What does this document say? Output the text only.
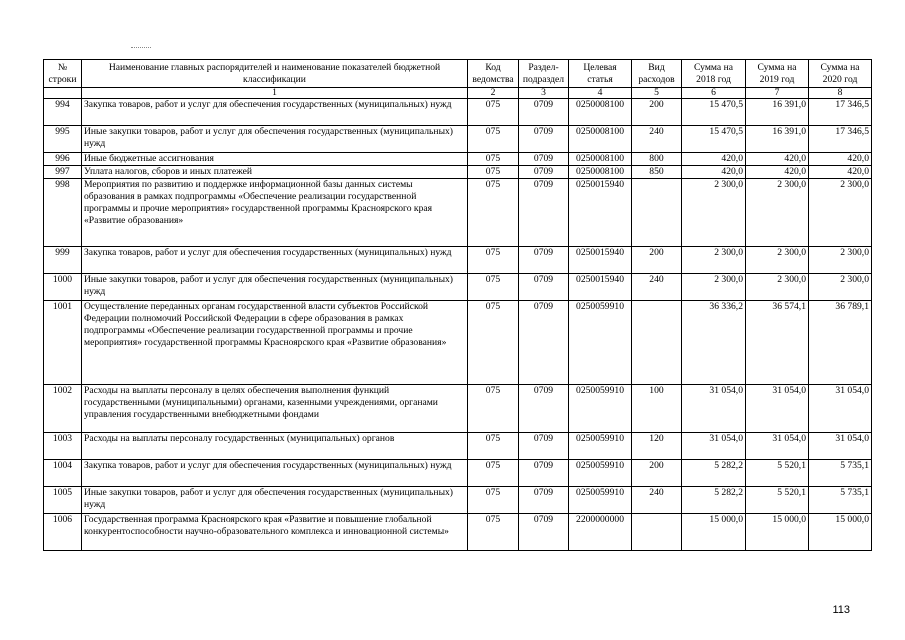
№ строки	Наименование главных распорядителей и наименование показателей бюджетной классификации	Код ведомства	Раздел-подраздел	Целевая статья	Вид расходов	Сумма на 2018 год	Сумма на 2019 год	Сумма на 2020 год
	1	2	3	4	5	6	7	8
994	Закупка товаров, работ и услуг для обеспечения государственных (муниципальных) нужд	075	0709	0250008100	200	15 470,5	16 391,0	17 346,5
995	Иные закупки товаров, работ и услуг для обеспечения государственных (муниципальных) нужд	075	0709	0250008100	240	15 470,5	16 391,0	17 346,5
996	Иные бюджетные ассигнования	075	0709	0250008100	800	420,0	420,0	420,0
997	Уплата налогов, сборов и иных платежей	075	0709	0250008100	850	420,0	420,0	420,0
998	Мероприятия по развитию и поддержке информационной базы данных системы образования в рамках подпрограммы «Обеспечение реализации государственной программы и прочие мероприятия» государственной программы Красноярского края «Развитие образования»	075	0709	0250015940		2 300,0	2 300,0	2 300,0
999	Закупка товаров, работ и услуг для обеспечения государственных (муниципальных) нужд	075	0709	0250015940	200	2 300,0	2 300,0	2 300,0
1000	Иные закупки товаров, работ и услуг для обеспечения государственных (муниципальных) нужд	075	0709	0250015940	240	2 300,0	2 300,0	2 300,0
1001	Осуществление переданных органам государственной власти субъектов Российской Федерации полномочий Российской Федерации в сфере образования в рамках подпрограммы «Обеспечение реализации государственной программы и прочие мероприятия» государственной программы Красноярского края «Развитие образования»	075	0709	0250059910		36 336,2	36 574,1	36 789,1
1002	Расходы на выплаты персоналу в целях обеспечения выполнения функций государственными (муниципальными) органами, казенными учреждениями, органами управления государственными внебюджетными фондами	075	0709	0250059910	100	31 054,0	31 054,0	31 054,0
1003	Расходы на выплаты персоналу государственных (муниципальных) органов	075	0709	0250059910	120	31 054,0	31 054,0	31 054,0
1004	Закупка товаров, работ и услуг для обеспечения государственных (муниципальных) нужд	075	0709	0250059910	200	5 282,2	5 520,1	5 735,1
1005	Иные закупки товаров, работ и услуг для обеспечения государственных (муниципальных) нужд	075	0709	0250059910	240	5 282,2	5 520,1	5 735,1
1006	Государственная программа Красноярского края «Развитие и повышение глобальной конкурентоспособности научно-образовательного комплекса и инновационной системы»	075	0709	2200000000		15 000,0	15 000,0	15 000,0
113
